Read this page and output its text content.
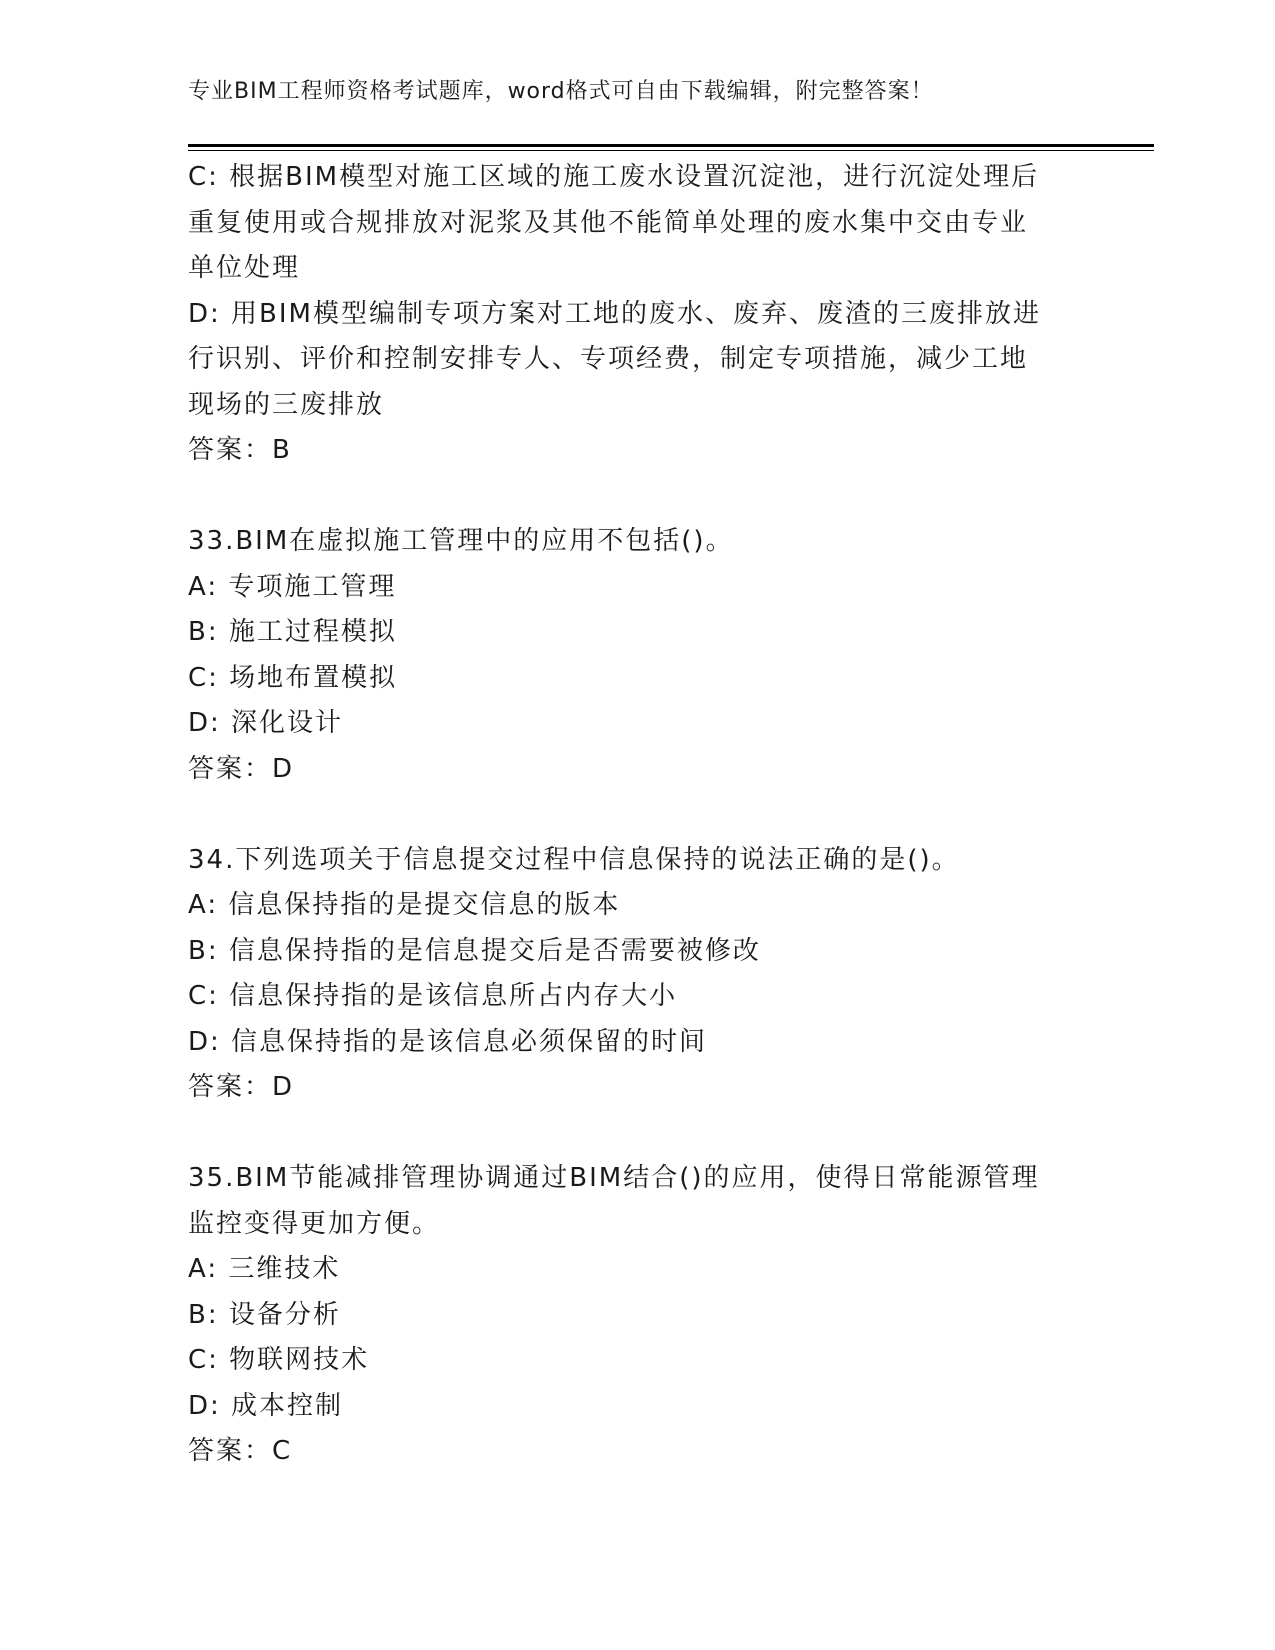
专业BIM工程师资格考试题库，word格式可自由下载编辑，附完整答案！
C: 根据BIM模型对施工区域的施工废水设置沉淀池，进行沉淀处理后
重复使用或合规排放对泥浆及其他不能简单处理的废水集中交由专业
单位处理
D: 用BIM模型编制专项方案对工地的废水、废弃、废渣的三废排放进
行识别、评价和控制安排专人、专项经费，制定专项措施，减少工地
现场的三废排放
答案：B
33.BIM在虚拟施工管理中的应用不包括()。
A: 专项施工管理
B: 施工过程模拟
C: 场地布置模拟
D: 深化设计
答案：D
34.下列选项关于信息提交过程中信息保持的说法正确的是()。
A: 信息保持指的是提交信息的版本
B: 信息保持指的是信息提交后是否需要被修改
C: 信息保持指的是该信息所占内存大小
D: 信息保持指的是该信息必须保留的时间
答案：D
35.BIM节能减排管理协调通过BIM结合()的应用，使得日常能源管理
监控变得更加方便。
A: 三维技术
B: 设备分析
C: 物联网技术
D: 成本控制
答案：C
